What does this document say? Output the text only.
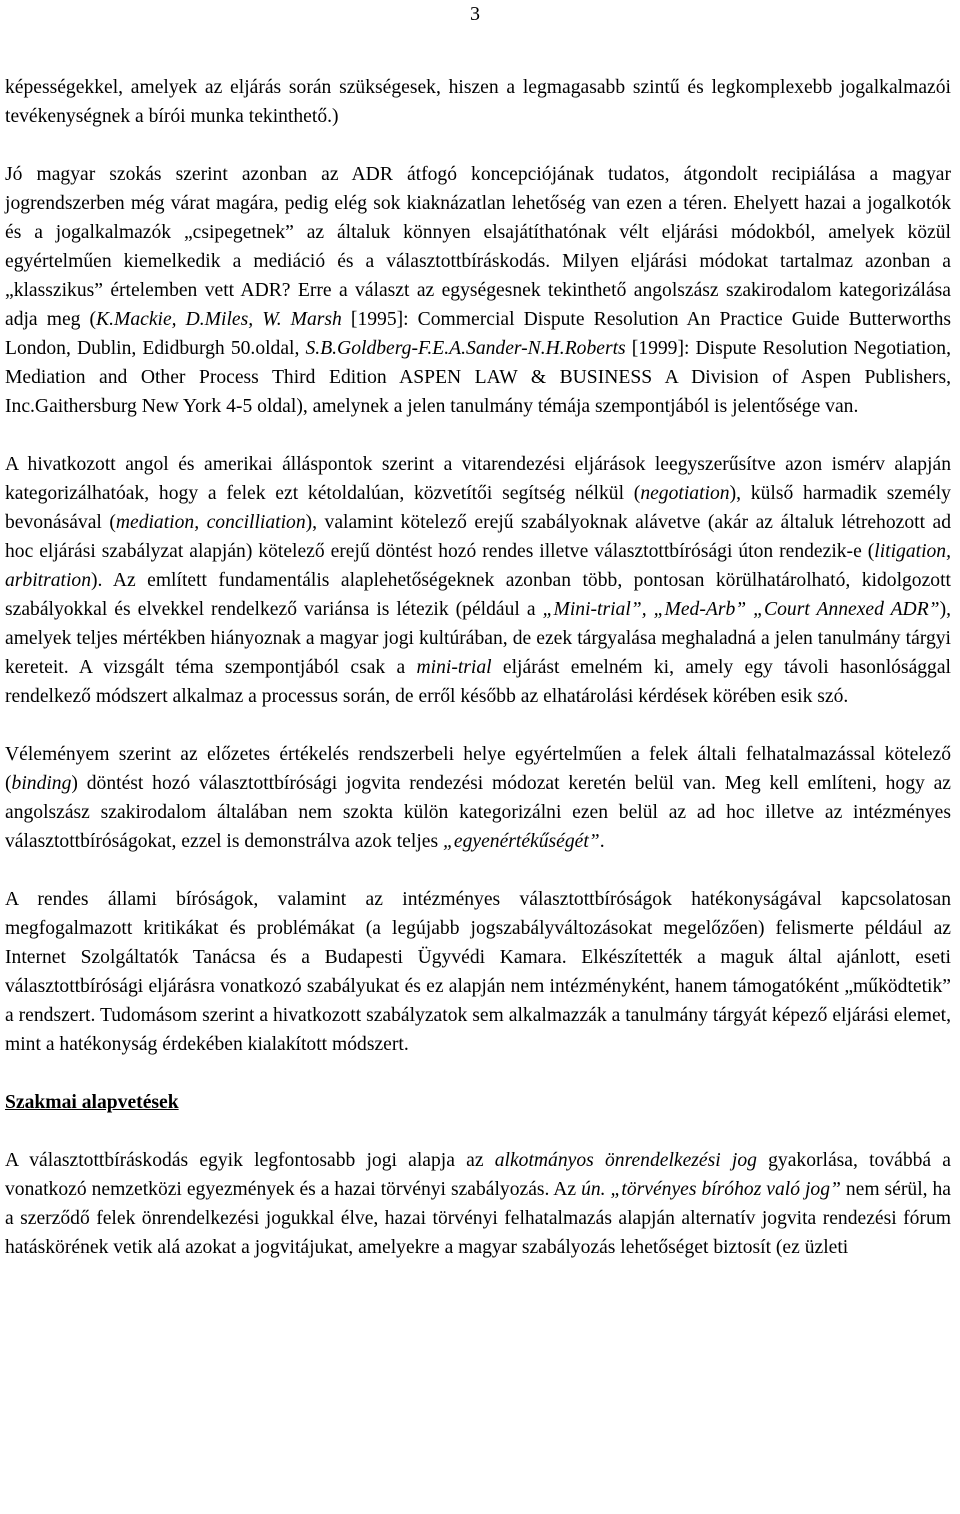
3

képességekkel, amelyek az eljárás során szükségesek, hiszen a legmagasabb szintű és legkomplexebb jogalkalmazói tevékenységnek a bírói munka tekinthető.)

Jó magyar szokás szerint azonban az ADR átfogó koncepciójának tudatos, átgondolt recipiálása a magyar jogrendszerben még várat magára, pedig elég sok kiaknázatlan lehetőség van ezen a téren. Ehelyett hazai a jogalkotók és a jogalkalmazók „csipegetnek” az általuk könnyen elsajátíthatónak vélt eljárási módokból, amelyek közül egyértelműen kiemelkedik a mediáció és a választottbíráskodás. Milyen eljárási módokat tartalmaz azonban a „klasszikus” értelemben vett ADR? Erre a választ az egységesnek tekinthető angolszász szakirodalom kategorizálása adja meg (K.Mackie, D.Miles, W. Marsh [1995]: Commercial Dispute Resolution An Practice Guide Butterworths London, Dublin, Edidburgh 50.oldal, S.B.Goldberg-F.E.A.Sander-N.H.Roberts [1999]: Dispute Resolution Negotiation, Mediation and Other Process Third Edition ASPEN LAW & BUSINESS A Division of Aspen Publishers, Inc.Gaithersburg New York 4-5 oldal), amelynek a jelen tanulmány témája szempontjából is jelentősége van.

A hivatkozott angol és amerikai álláspontok szerint a vitarendezési eljárások leegyszerűsítve azon ismérv alapján kategorizálhatóak, hogy a felek ezt kétoldalúan, közvetítői segítség nélkül (negotiation), külső harmadik személy bevonásával (mediation, concilliation), valamint kötelező erejű szabályoknak alávetve (akár az általuk létrehozott ad hoc eljárási szabályzat alapján) kötelező erejű döntést hozó rendes illetve választottbírósági úton rendezik-e (litigation, arbitration). Az említett fundamentális alaplehetőségeknek azonban több, pontosan körülhatárolható, kidolgozott szabályokkal és elvekkel rendelkező variánsa is létezik (például a „Mini-trial”, „Med-Arb” „Court Annexed ADR”), amelyek teljes mértékben hiányoznak a magyar jogi kultúrában, de ezek tárgyalása meghaladná a jelen tanulmány tárgyi kereteit. A vizsgált téma szempontjából csak a mini-trial eljárást emelném ki, amely egy távoli hasonlósággal rendelkező módszert alkalmaz a processus során, de erről később az elhatárolási kérdések körében esik szó.

Véleményem szerint az előzetes értékelés rendszerbeli helye egyértelműen a felek általi felhatalmazással kötelező (binding) döntést hozó választottbírósági jogvita rendezési módozat keretén belül van. Meg kell említeni, hogy az angolszász szakirodalom általában nem szokta külön kategorizálni ezen belül az ad hoc illetve az intézményes választottbíróságokat, ezzel is demonstrálva azok teljes „egyenértékűségét”.

A rendes állami bíróságok, valamint az intézményes választottbíróságok hatékonyságával kapcsolatosan megfogalmazott kritikákat és problémákat (a legújabb jogszabályváltozásokat megelőzően) felismerte például az Internet Szolgáltatók Tanácsa és a Budapesti Ügyvédi Kamara. Elkészítették a maguk által ajánlott, eseti választottbírósági eljárásra vonatkozó szabályukat és ez alapján nem intézményként, hanem támogatóként „működtetik” a rendszert. Tudomásom szerint a hivatkozott szabályzatok sem alkalmazzák a tanulmány tárgyát képező eljárási elemet, mint a hatékonyság érdekében kialakított módszert.

Szakmai alapvetések

A választottbíráskodás egyik legfontosabb jogi alapja az alkotmányos önrendelkezési jog gyakorlása, továbbá a vonatkozó nemzetközi egyezmények és a hazai törvényi szabályozás. Az ún. „törvényes bíróhoz való jog” nem sérül, ha a szerződő felek önrendelkezési jogukkal élve, hazai törvényi felhatalmazás alapján alternatív jogvita rendezési fórum hatáskörének vetik alá azokat a jogvitájukat, amelyekre a magyar szabályozás lehetőséget biztosít (ez üzleti
